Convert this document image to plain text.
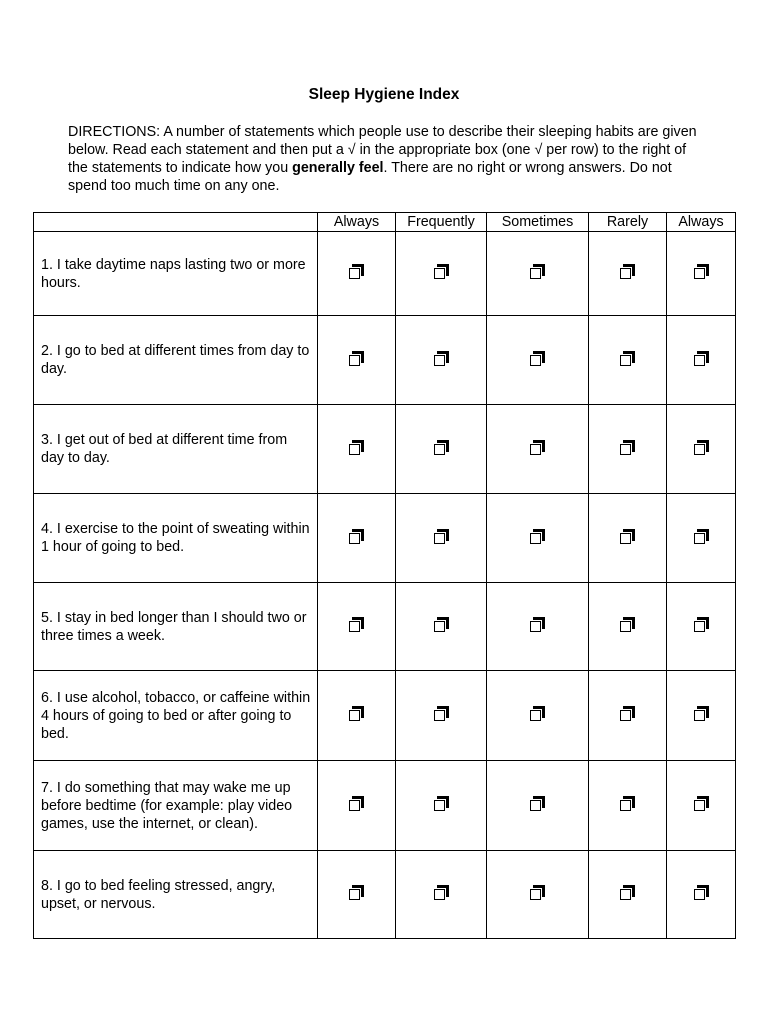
Sleep Hygiene Index

DIRECTIONS: A number of statements which people use to describe their sleeping habits are given below. Read each statement and then put a √ in the appropriate box (one √ per row) to the right of the statements to indicate how you generally feel. There are no right or wrong answers. Do not spend too much time on any one.

	Always	Frequently	Sometimes	Rarely	Always
1. I take daytime naps lasting two or more hours.	

2. I go to bed at different times from day to day.	

3. I get out of bed at different time from day to day.	

4. I exercise to the point of sweating within 1 hour of going to bed.	

5. I stay in bed longer than I should two or three times a week.	

6. I use alcohol, tobacco, or caffeine within 4 hours of going to bed or after going to bed.	

7. I do something that may wake me up before bedtime (for example: play video games, use the internet, or clean).	

8. I go to bed feeling stressed, angry, upset, or nervous.	
